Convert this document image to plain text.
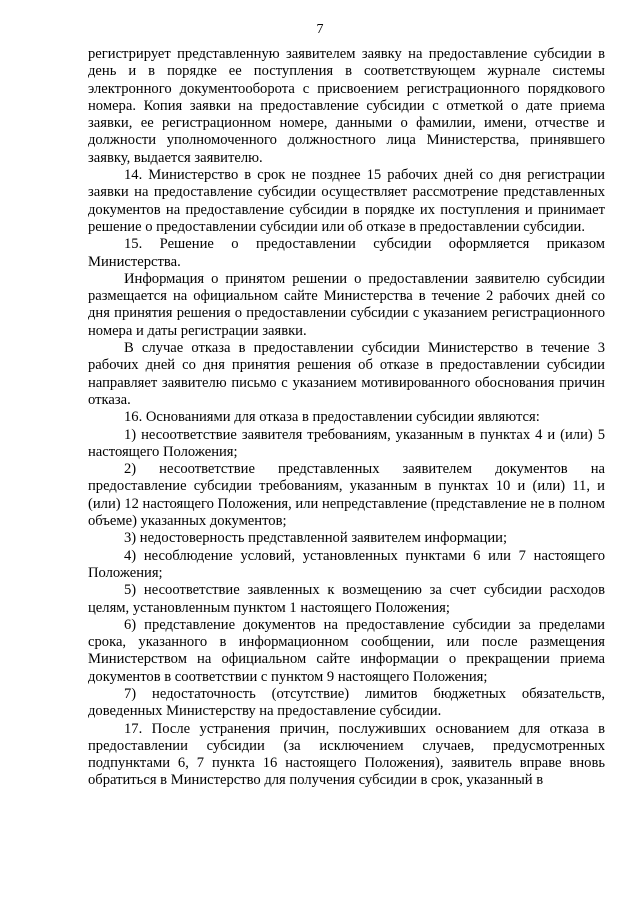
7

регистрирует представленную заявителем заявку на предоставление субсидии в день и в порядке ее поступления в соответствующем журнале системы электронного документооборота с присвоением регистрационного порядкового номера. Копия заявки на предоставление субсидии с отметкой о дате приема заявки, ее регистрационном номере, данными о фамилии, имени, отчестве и должности уполномоченного должностного лица Министерства, принявшего заявку, выдается заявителю.

14. Министерство в срок не позднее 15 рабочих дней со дня регистрации заявки на предоставление субсидии осуществляет рассмотрение представленных документов на предоставление субсидии в порядке их поступления и принимает решение о предоставлении субсидии или об отказе в предоставлении субсидии.

15. Решение о предоставлении субсидии оформляется приказом Министерства.

Информация о принятом решении о предоставлении заявителю субсидии размещается на официальном сайте Министерства в течение 2 рабочих дней со дня принятия решения о предоставлении субсидии с указанием регистрационного номера и даты регистрации заявки.

В случае отказа в предоставлении субсидии Министерство в течение 3 рабочих дней со дня принятия решения об отказе в предоставлении субсидии направляет заявителю письмо с указанием мотивированного обоснования причин отказа.

16. Основаниями для отказа в предоставлении субсидии являются:

1) несоответствие заявителя требованиям, указанным в пунктах 4 и (или) 5 настоящего Положения;

2) несоответствие представленных заявителем документов на предоставление субсидии требованиям, указанным в пунктах 10 и (или) 11, и (или) 12 настоящего Положения, или непредставление (представление не в полном объеме) указанных документов;

3) недостоверность представленной заявителем информации;

4) несоблюдение условий, установленных пунктами 6 или 7 настоящего Положения;

5) несоответствие заявленных к возмещению за счет субсидии расходов целям, установленным пунктом 1 настоящего Положения;

6) представление документов на предоставление субсидии за пределами срока, указанного в информационном сообщении, или после размещения Министерством на официальном сайте информации о прекращении приема документов в соответствии с пунктом 9 настоящего Положения;

7) недостаточность (отсутствие) лимитов бюджетных обязательств, доведенных Министерству на предоставление субсидии.

17. После устранения причин, послуживших основанием для отказа в предоставлении субсидии (за исключением случаев, предусмотренных подпунктами 6, 7 пункта 16 настоящего Положения), заявитель вправе вновь обратиться в Министерство для получения субсидии в срок, указанный в
